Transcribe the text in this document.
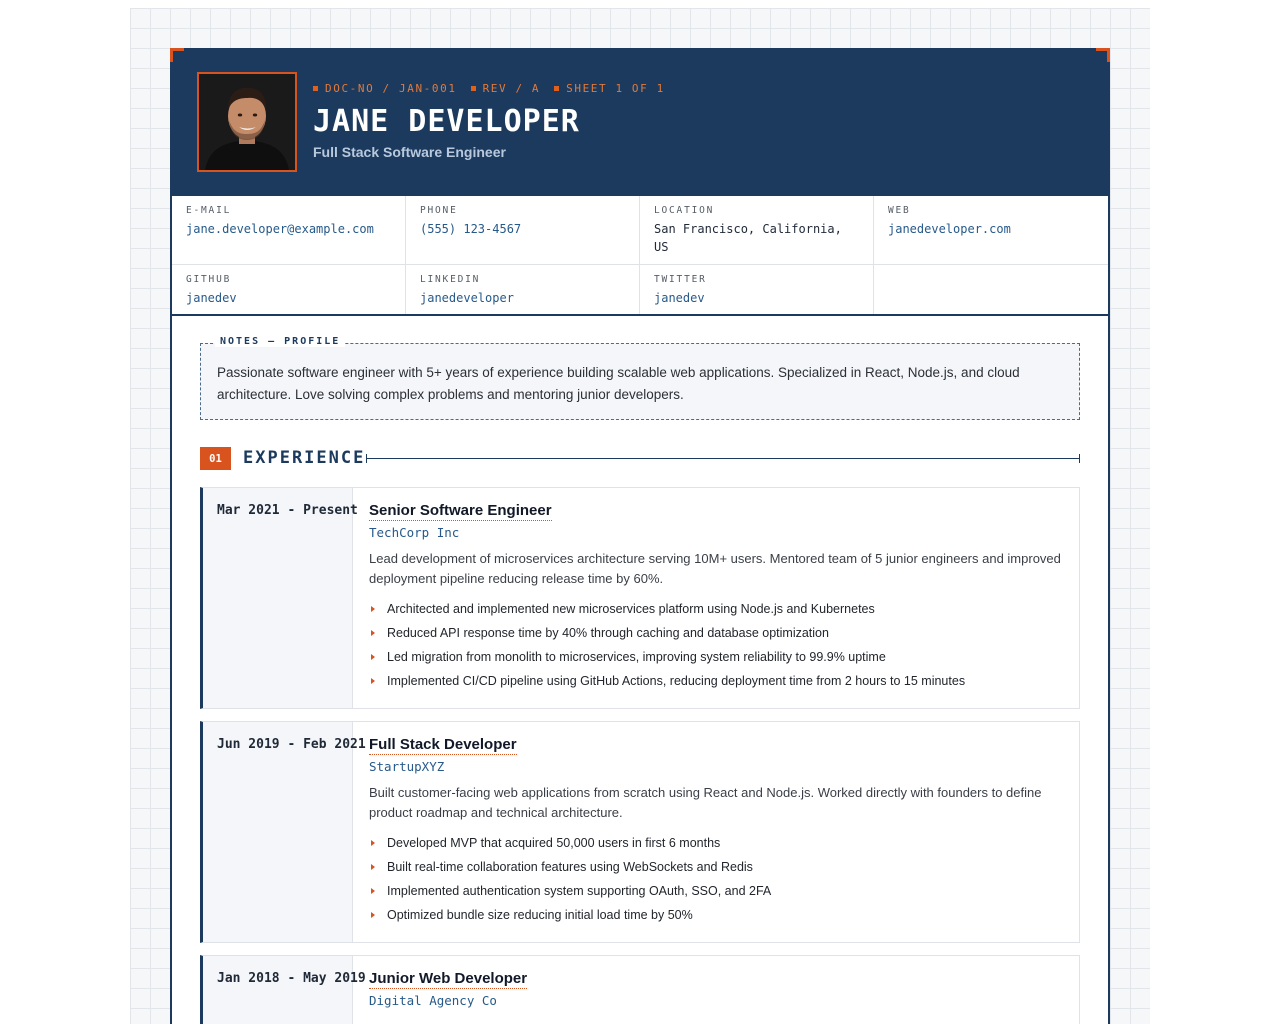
DOC-NO / JAN-001	REV / A	SHEET 1 OF 1
JANE DEVELOPER
Full Stack Software Engineer
E-MAIL
jane.developer@example.com
PHONE
(555) 123-4567
LOCATION
San Francisco, California, US
WEB
janedeveloper.com
GITHUB
janedev
LINKEDIN
janedeveloper
TWITTER
janedev
NOTES — PROFILE

Passionate software engineer with 5+ years of experience building scalable web applications. Specialized in React, Node.js, and cloud architecture. Love solving complex problems and mentoring junior developers.

01	EXPERIENCE
Mar 2021 - Present Senior Software Engineer
TechCorp Inc

Lead development of microservices architecture serving 10M+ users. Mentored team of 5 junior engineers and improved deployment pipeline reducing release time by 60%.

Architected and implemented new microservices platform using Node.js and Kubernetes
Reduced API response time by 40% through caching and database optimization
Led migration from monolith to microservices, improving system reliability to 99.9% uptime
Implemented CI/CD pipeline using GitHub Actions, reducing deployment time from 2 hours to 15 minutes
Jun 2019 - Feb 2021 Full Stack Developer
StartupXYZ

Built customer-facing web applications from scratch using React and Node.js. Worked directly with founders to define product roadmap and technical architecture.

Developed MVP that acquired 50,000 users in first 6 months
Built real-time collaboration features using WebSockets and Redis
Implemented authentication system supporting OAuth, SSO, and 2FA
Optimized bundle size reducing initial load time by 50%
Jan 2018 - May 2019 Junior Web Developer
Digital Agency Co
